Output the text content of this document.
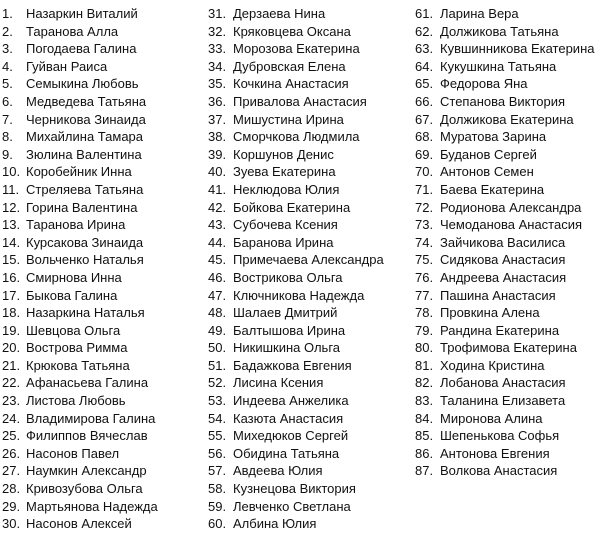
1. Назаркин Виталий
2. Таранова Алла
3. Погодаева Галина
4. Гуйван Раиса
5. Семыкина Любовь
6. Медведева Татьяна
7. Черникова Зинаида
8. Михайлина Тамара
9. Зюлина Валентина
10. Коробейник Инна
11. Стреляева Татьяна
12. Горина Валентина
13. Таранова Ирина
14. Курсакова Зинаида
15. Вольченко Наталья
16. Смирнова Инна
17. Быкова Галина
18. Назаркина Наталья
19. Шевцова Ольга
20. Вострова Римма
21. Крюкова Татьяна
22. Афанасьева Галина
23. Листова Любовь
24. Владимирова Галина
25. Филиппов Вячеслав
26. Насонов Павел
27. Наумкин Александр
28. Кривозубова Ольга
29. Мартьянова Надежда
30. Насонов Алексей
31. Дерзаева Нина
32. Кряковцева Оксана
33. Морозова Екатерина
34. Дубровская Елена
35. Кочкина Анастасия
36. Привалова Анастасия
37. Мишустина Ирина
38. Сморчкова Людмила
39. Коршунов Денис
40. Зуева Екатерина
41. Неклюдова Юлия
42. Бойкова Екатерина
43. Субочева Ксения
44. Баранова Ирина
45. Примечаева Александра
46. Вострикова Ольга
47. Ключникова Надежда
48. Шалаев Дмитрий
49. Балтышова Ирина
50. Никишкина Ольга
51. Бадажкова Евгения
52. Лисина Ксения
53. Индеева Анжелика
54. Казюта Анастасия
55. Михедюков Сергей
56. Обидина Татьяна
57. Авдеева Юлия
58. Кузнецова Виктория
59. Левченко Светлана
60. Албина Юлия
61. Ларина Вера
62. Должикова Татьяна
63. Кувшинникова Екатерина
64. Кукушкина Татьяна
65. Федорова Яна
66. Степанова Виктория
67. Должикова Екатерина
68. Муратова Зарина
69. Буданов Сергей
70. Антонов Семен
71. Баева Екатерина
72. Родионова Александра
73. Чемоданова Анастасия
74. Зайчикова Василиса
75. Сидякова Анастасия
76. Андреева Анастасия
77. Пашина Анастасия
78. Провкина Алена
79. Рандина Екатерина
80. Трофимова Екатерина
81. Ходина Кристина
82. Лобанова Анастасия
83. Таланина Елизавета
84. Миронова Алина
85. Шепенькова Софья
86. Антонова Евгения
87. Волкова Анастасия
